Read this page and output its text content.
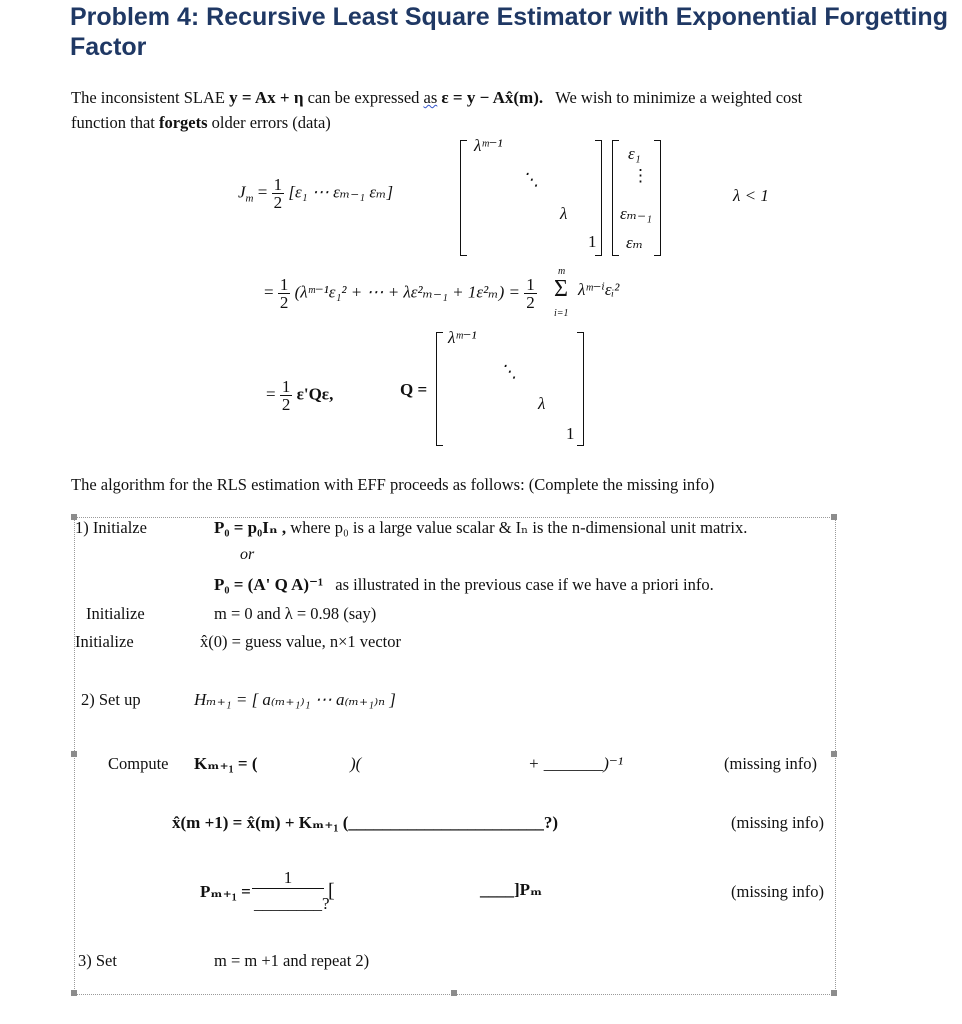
Problem 4: Recursive Least Square Estimator with Exponential Forgetting Factor
The inconsistent SLAE y = Ax + η can be expressed as ε = y − Ax̂(m). We wish to minimize a weighted cost
function that forgets older errors (data)
$J_m = \frac{1}{2} [\varepsilon_1$ ⋯ εₘ₋₁ εₘ]
λᵐ⁻¹
⋱
λ
1
ε₁
⋮
εₘ₋₁
εₘ
λ < 1
= $\frac{1}{2}$ (λᵐ⁻¹ε₁² + ⋯ + $\lambda\varepsilon^2_{m-1} + 1\varepsilon^2_m) = \frac{1}{2}$
m
Σ
i=1
λᵐ⁻ⁱεᵢ²
= $\frac{1}{2} \varepsilon'Q\varepsilon$,	Q =
λᵐ⁻¹
⋱
λ
1
The algorithm for the RLS estimation with EFF proceeds as follows: (Complete the missing info)
1) Initialze	P₀ = p₀Iₙ , where p₀ is a large value scalar & Iₙ is the n-dimensional unit matrix.
or
P₀ = (A' Q A)⁻¹ as illustrated in the previous case if we have a priori info.
Initialize	m = 0 and λ = 0.98 (say)
Initialize	x̂(0) = guess value, n×1 vector
2) Set up	Hₘ₊₁ = [ a₍ₘ₊₁₎₁ ⋯ a₍ₘ₊₁₎ₙ ]
Compute Kₘ₊₁ = (	)(	+ _______)⁻¹	(missing info)
x̂(m +1) = x̂(m) + Kₘ₊₁ (_______________________?)	(missing info)
Pₘ₊₁ =
1
________?
[	____]Pₘ	(missing info)
3) Set	m = m +1 and repeat 2)
